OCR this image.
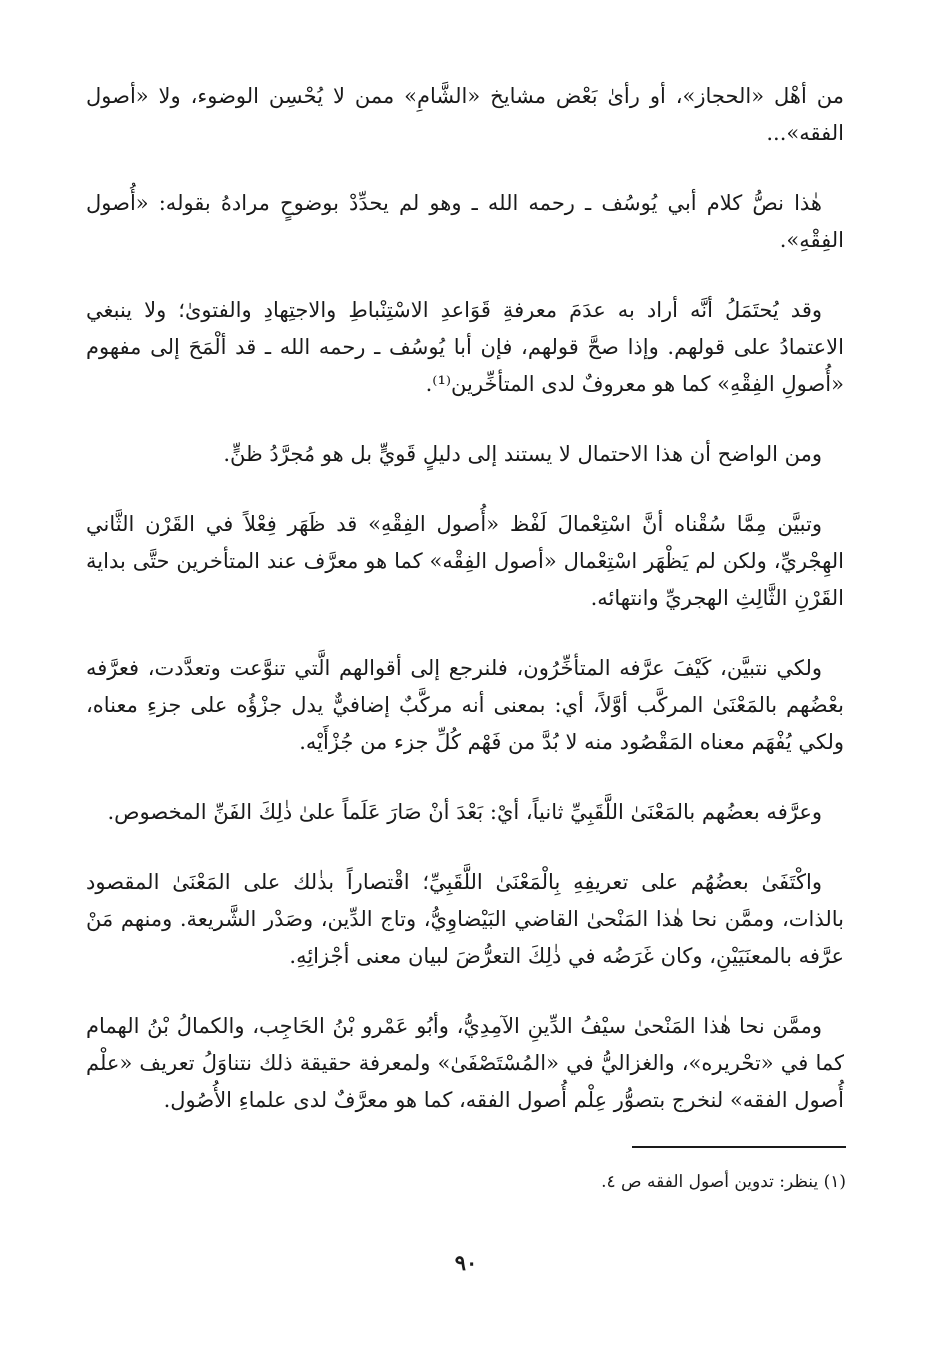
من أهْل «الحجاز»، أو رأىٰ بَعْض مشايخ «الشَّامِ» ممن لا يُحْسِن الوضوء، ولا «أصول الفقه»...

هٰذا نصُّ كلام أبي يُوسُف ـ رحمه الله ـ وهو لم يحدِّدْ بوضوحٍ مرادهُ بقوله: «أُصول الفِقْهِ».

وقد يُحتَمَلُ أنَّه أراد به عدَمَ معرفةِ قَوَاعدِ الاسْتِنْباطِ والاجتِهادِ والفتوىٰ؛ ولا ينبغي الاعتمادُ على قولهم. وإذا صحَّ قولهم، فإن أبا يُوسُف ـ رحمه الله ـ قد ألْمَحَ إلى مفهوم «أُصولِ الفِقْهِ» كما هو معروفٌ لدى المتأخِّرين⁽¹⁾.

ومن الواضح أن هذا الاحتمال لا يستند إلى دليلٍ قَويٍّ بل هو مُجرَّدُ ظنٍّ.

وتبيَّن مِمَّا سُقْناه أنَّ اسْتِعْمالَ لَفْظ «أُصول الفِقْهِ» قد ظَهَر فِعْلاً في القَرْن الثَّاني الهِجْريِّ، ولكن لم يَظْهَر اسْتِعْمال «أصول الفِقْه» كما هو معرَّف عند المتأخرين حتَّى بداية القَرْنِ الثَّالِثِ الهجريِّ وانتهائه.

ولكي نتبيَّن، كَيْفَ عرَّفه المتأخِّرُون، فلنرجع إلى أقوالهم الَّتي تنوَّعت وتعدَّدت، فعرَّفه بعْضُهم بالمَعْنَىٰ المركَّب أوَّلاً، أي: بمعنى أنه مركَّبٌ إضافيٌّ يدل جزْؤُه على جزءِ معناه، ولكي يُفْهَم معناه المَقْصُود منه لا بُدَّ من فَهْم كُلِّ جزء من جُزْأَيْه.

وعرَّفه بعضُهم بالمَعْنَىٰ اللَّقَبِيِّ ثانياً، أيْ: بَعْدَ أنْ صَارَ عَلَماً علىٰ ذٰلِكَ الفَنِّ المخصوص.

واكْتَفَىٰ بعضُهُم على تعريفِهِ بِالْمَعْنَىٰ اللَّقَبِيِّ؛ اقْتصاراً بذٰلك على المَعْنَىٰ المقصود بالذات، وممَّن نحا هٰذا المَنْحىٰ القاضي البَيْضاوِيُّ، وتاج الدِّين، وصَدْر الشَّريعة. ومنهم مَنْ عرَّفه بالمعنَيَيْنِ، وكان غَرَضُه في ذٰلِكَ التعرُّضَ لبيان معنى أجْزائِهِ.

وممَّن نحا هٰذا المَنْحىٰ سيْفُ الدِّينِ الآمِدِيُّ، وأبُو عَمْرو بْنُ الحَاجِب، والكمالُ بْنُ الهمام كما في «تحْريره»، والغزاليُّ في «المُسْتَصْفَىٰ» ولمعرفة حقيقة ذلك نتناوَلُ تعريف «علْم أُصول الفقه» لنخرج بتصوُّر عِلْم أُصول الفقه، كما هو معرَّفٌ لدى علماءِ الأُصُول.

(١) ينظر: تدوين أصول الفقه ص ٤.
٩٠
